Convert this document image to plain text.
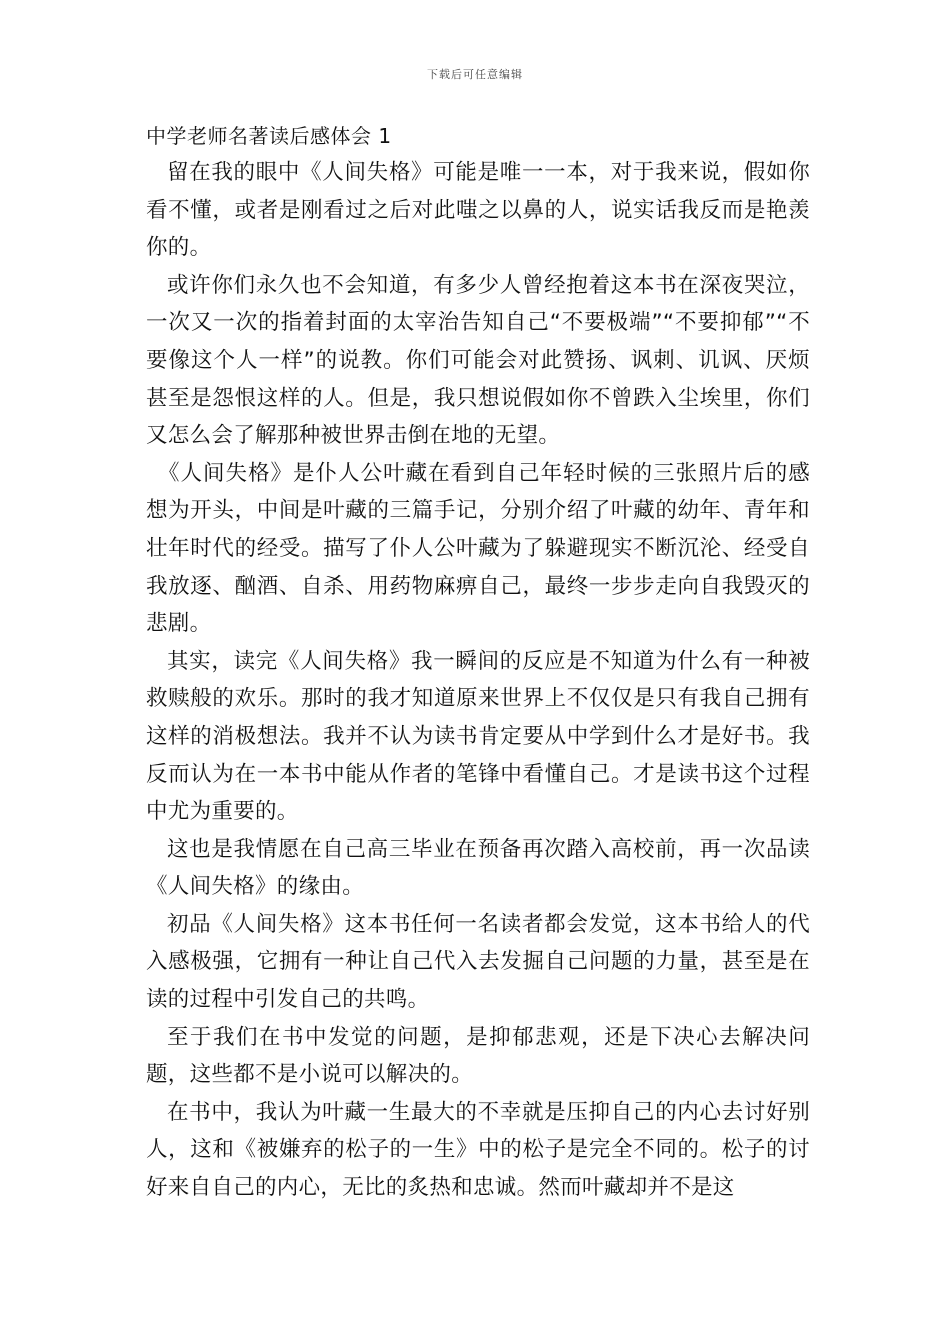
下载后可任意编辑
中学老师名著读后感体会 1

留在我的眼中《人间失格》可能是唯一一本，对于我来说，假如你看不懂，或者是刚看过之后对此嗤之以鼻的人，说实话我反而是艳羡你的。

或许你们永久也不会知道，有多少人曾经抱着这本书在深夜哭泣，一次又一次的指着封面的太宰治告知自己“不要极端”“不要抑郁”“不要像这个人一样”的说教。你们可能会对此赞扬、讽刺、讥讽、厌烦甚至是怨恨这样的人。但是，我只想说假如你不曾跌入尘埃里，你们又怎么会了解那种被世界击倒在地的无望。

《人间失格》是仆人公叶藏在看到自己年轻时候的三张照片后的感想为开头，中间是叶藏的三篇手记，分别介绍了叶藏的幼年、青年和壮年时代的经受。描写了仆人公叶藏为了躲避现实不断沉沦、经受自我放逐、酗酒、自杀、用药物麻痹自己，最终一步步走向自我毁灭的悲剧。

其实，读完《人间失格》我一瞬间的反应是不知道为什么有一种被救赎般的欢乐。那时的我才知道原来世界上不仅仅是只有我自己拥有这样的消极想法。我并不认为读书肯定要从中学到什么才是好书。我反而认为在一本书中能从作者的笔锋中看懂自己。才是读书这个过程中尤为重要的。

这也是我情愿在自己高三毕业在预备再次踏入高校前，再一次品读《人间失格》的缘由。

初品《人间失格》这本书任何一名读者都会发觉，这本书给人的代入感极强，它拥有一种让自己代入去发掘自己问题的力量，甚至是在读的过程中引发自己的共鸣。

至于我们在书中发觉的问题，是抑郁悲观，还是下决心去解决问题，这些都不是小说可以解决的。

在书中，我认为叶藏一生最大的不幸就是压抑自己的内心去讨好别人，这和《被嫌弃的松子的一生》中的松子是完全不同的。松子的讨好来自自己的内心，无比的炙热和忠诚。然而叶藏却并不是这
